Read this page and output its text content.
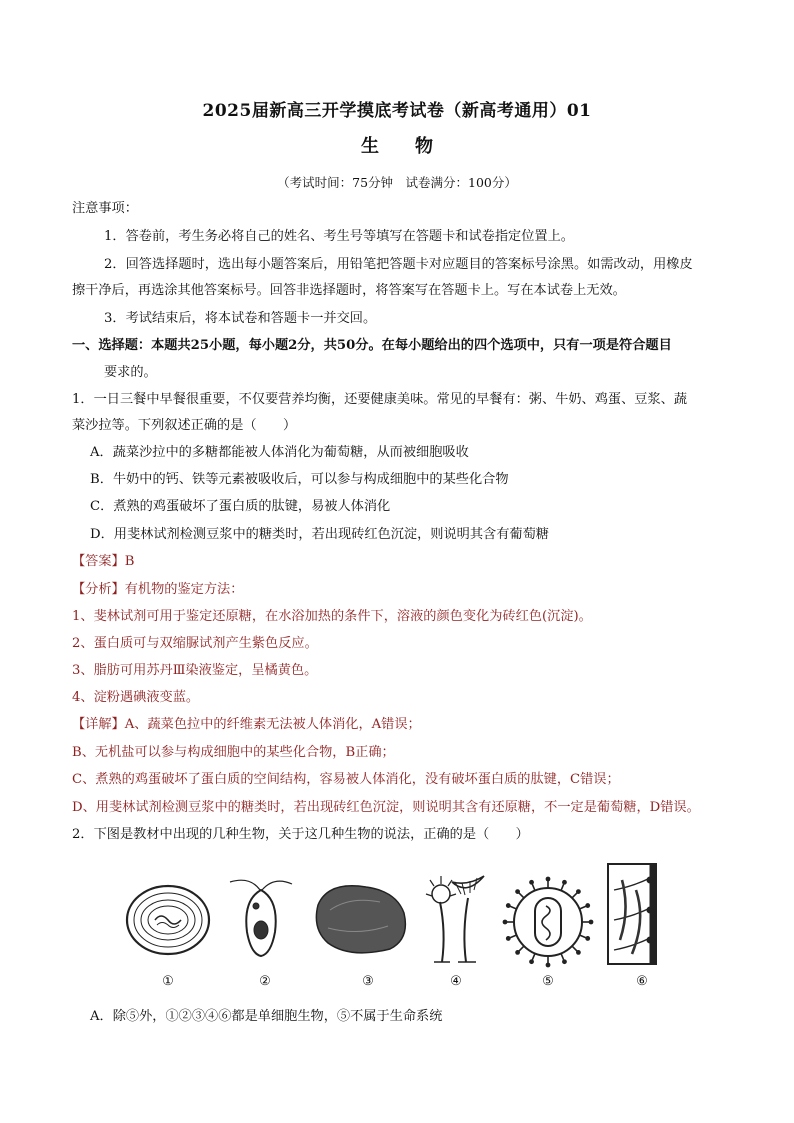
2025届新高三开学摸底考试卷（新高考通用）01
生　　物
（考试时间：75分钟　试卷满分：100分）
注意事项：
1．答卷前，考生务必将自己的姓名、考生号等填写在答题卡和试卷指定位置上。
2．回答选择题时，选出每小题答案后，用铅笔把答题卡对应题目的答案标号涂黑。如需改动，用橡皮
擦干净后，再选涂其他答案标号。回答非选择题时，将答案写在答题卡上。写在本试卷上无效。
3．考试结束后，将本试卷和答题卡一并交回。
一、选择题：本题共25小题，每小题2分，共50分。在每小题给出的四个选项中，只有一项是符合题目
要求的。
1．一日三餐中早餐很重要，不仅要营养均衡，还要健康美味。常见的早餐有：粥、牛奶、鸡蛋、豆浆、蔬
菜沙拉等。下列叙述正确的是（　　）
A．蔬菜沙拉中的多糖都能被人体消化为葡萄糖，从而被细胞吸收
B．牛奶中的钙、铁等元素被吸收后，可以参与构成细胞中的某些化合物
C．煮熟的鸡蛋破坏了蛋白质的肽键，易被人体消化
D．用斐林试剂检测豆浆中的糖类时，若出现砖红色沉淀，则说明其含有葡萄糖
【答案】B
【分析】有机物的鉴定方法：
1、斐林试剂可用于鉴定还原糖，在水浴加热的条件下，溶液的颜色变化为砖红色(沉淀)。
2、蛋白质可与双缩脲试剂产生紫色反应。
3、脂肪可用苏丹Ⅲ染液鉴定，呈橘黄色。
4、淀粉遇碘液变蓝。
【详解】A、蔬菜色拉中的纤维素无法被人体消化，A错误；
B、无机盐可以参与构成细胞中的某些化合物，B正确；
C、煮熟的鸡蛋破坏了蛋白质的空间结构，容易被人体消化，没有破坏蛋白质的肽键，C错误；
D、用斐林试剂检测豆浆中的糖类时，若出现砖红色沉淀，则说明其含有还原糖，不一定是葡萄糖，D错误。
2．下图是教材中出现的几种生物，关于这几种生物的说法，正确的是（　　）
①	②	③	④	⑤	⑥
A．除⑤外，①②③④⑥都是单细胞生物，⑤不属于生命系统
